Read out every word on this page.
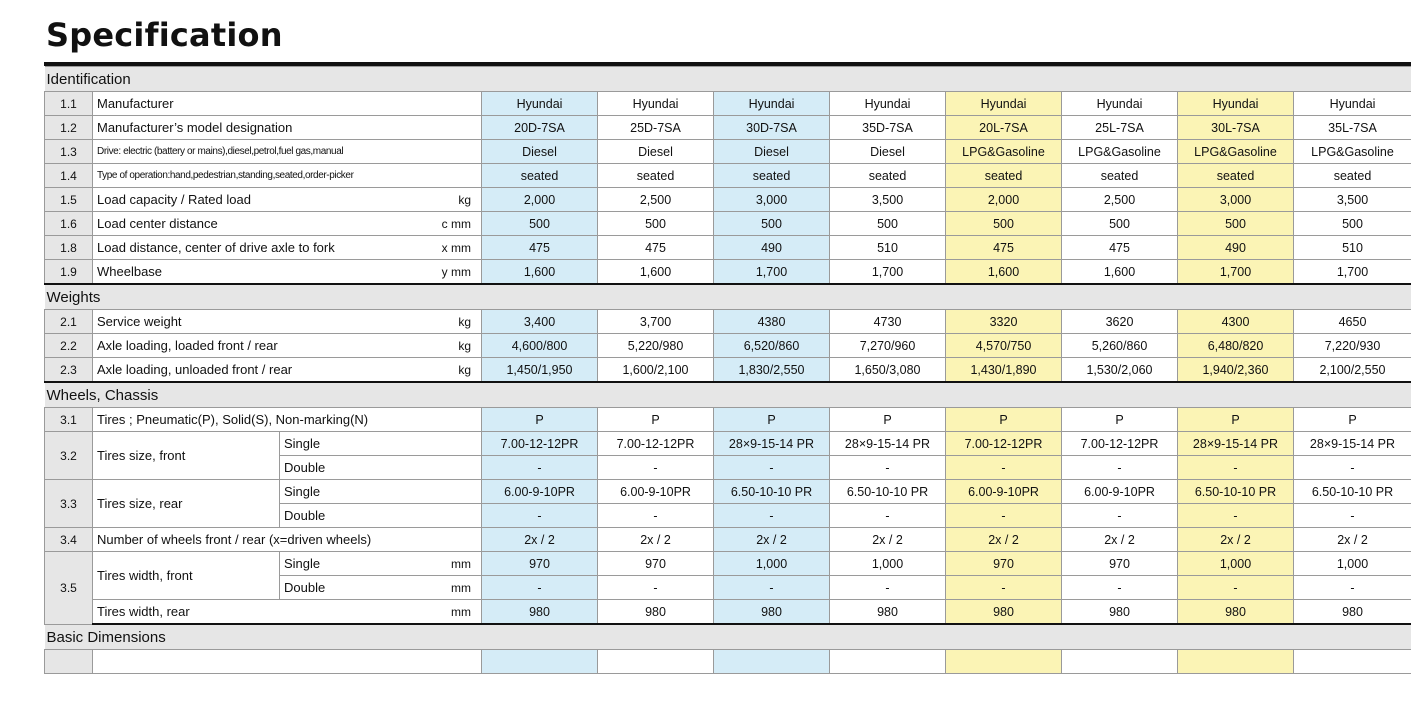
Specification
Identification										
1.1	Manufacturer		Hyundai	Hyundai	Hyundai	Hyundai	Hyundai	Hyundai	Hyundai	Hyundai
1.2	Manufacturer’s model designation		20D-7SA	25D-7SA	30D-7SA	35D-7SA	20L-7SA	25L-7SA	30L-7SA	35L-7SA
1.3	Drive: electric (battery or mains),diesel,petrol,fuel gas,manual		Diesel	Diesel	Diesel	Diesel	LPG&Gasoline	LPG&Gasoline	LPG&Gasoline	LPG&Gasoline
1.4	Type of operation:hand,pedestrian,standing,seated,order-picker		seated	seated	seated	seated	seated	seated	seated	seated
1.5	Load capacity / Rated load kg		2,000	2,500	3,000	3,500	2,000	2,500	3,000	3,500
1.6	Load center distance c mm		500	500	500	500	500	500	500	500
1.8	Load distance, center of drive axle to fork x mm		475	475	490	510	475	475	490	510
1.9	Wheelbase y mm		1,600	1,600	1,700	1,700	1,600	1,600	1,700	1,700
Weights										
2.1	Service weight kg		3,400	3,700	4380	4730	3320	3620	4300	4650
2.2	Axle loading, loaded front / rear kg		4,600/800	5,220/980	6,520/860	7,270/960	4,570/750	5,260/860	6,480/820	7,220/930
2.3	Axle loading, unloaded front / rear kg		1,450/1,950	1,600/2,100	1,830/2,550	1,650/3,080	1,430/1,890	1,530/2,060	1,940/2,360	2,100/2,550
Wheels, Chassis										
3.1	Tires ; Pneumatic(P), Solid(S), Non-marking(N)		P	P	P	P	P	P	P	P
3.2	Tires size, front	Single	7.00-12-12PR	7.00-12-12PR	28×9-15-14 PR	28×9-15-14 PR	7.00-12-12PR	7.00-12-12PR	28×9-15-14 PR	28×9-15-14 PR
		Double	-	-	-	-	-	-	-	-
3.3	Tires size, rear	Single	6.00-9-10PR	6.00-9-10PR	6.50-10-10 PR	6.50-10-10 PR	6.00-9-10PR	6.00-9-10PR	6.50-10-10 PR	6.50-10-10 PR
		Double	-	-	-	-	-	-	-	-
3.4	Number of wheels front / rear (x=driven wheels)		2x / 2	2x / 2	2x / 2	2x / 2	2x / 2	2x / 2	2x / 2	2x / 2
3.5	Tires width, front	Single mm	970	970	1,000	1,000	970	970	1,000	1,000
		Double mm	-	-	-	-	-	-	-	-
	Tires width, rear mm		980	980	980	980	980	980	980	980
Basic Dimensions										
